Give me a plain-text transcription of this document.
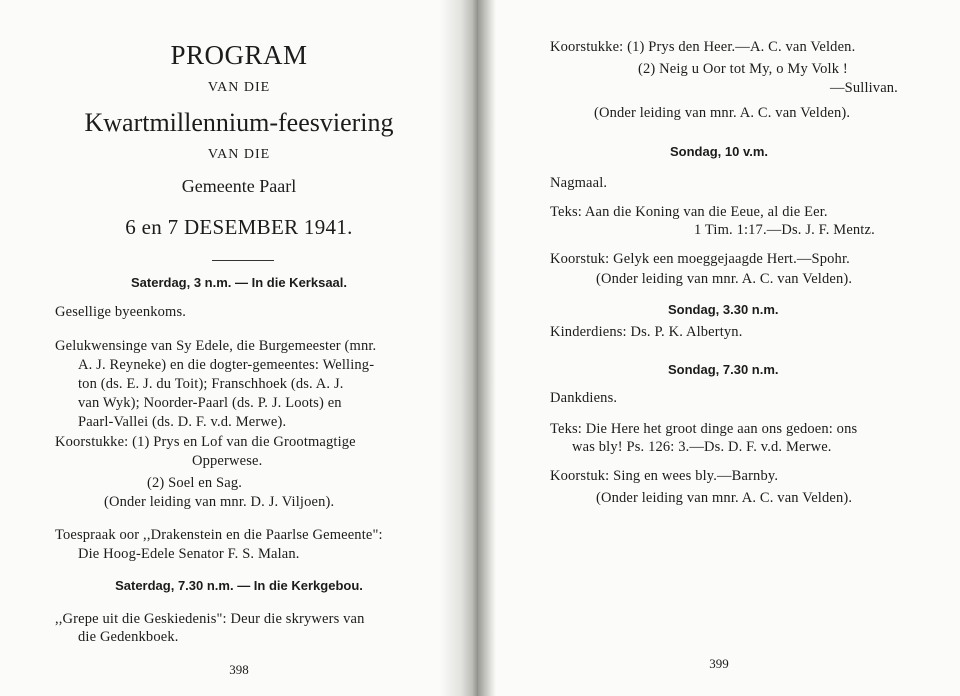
PROGRAM
VAN DIE
Kwartmillennium-feesviering
VAN DIE
Gemeente Paarl
6 en 7 DESEMBER 1941.
Saterdag, 3 n.m. — In die Kerksaal.
Gesellige byeenkoms.
Gelukwensinge van Sy Edele, die Burgemeester (mnr.
A. J. Reyneke) en die dogter-gemeentes: Welling-
ton (ds. E. J. du Toit); Franschhoek (ds. A. J.
van Wyk); Noorder-Paarl (ds. P. J. Loots) en
Paarl-Vallei (ds. D. F. v.d. Merwe).
Koorstukke: (1) Prys en Lof van die Grootmagtige
Opperwese.
(2) Soel en Sag.
(Onder leiding van mnr. D. J. Viljoen).
Toespraak oor ,,Drakenstein en die Paarlse Gemeente":
Die Hoog-Edele Senator F. S. Malan.
Saterdag, 7.30 n.m. — In die Kerkgebou.
,,Grepe uit die Geskiedenis": Deur die skrywers van
die Gedenkboek.
398
Koorstukke: (1) Prys den Heer.—A. C. van Velden.
(2) Neig u Oor tot My, o My Volk !
—Sullivan.
(Onder leiding van mnr. A. C. van Velden).
Sondag, 10 v.m.
Nagmaal.
Teks: Aan die Koning van die Eeue, al die Eer.
1 Tim. 1:17.—Ds. J. F. Mentz.
Koorstuk: Gelyk een moeggejaagde Hert.—Spohr.
(Onder leiding van mnr. A. C. van Velden).
Sondag, 3.30 n.m.
Kinderdiens: Ds. P. K. Albertyn.
Sondag, 7.30 n.m.
Dankdiens.
Teks: Die Here het groot dinge aan ons gedoen: ons
was bly! Ps. 126: 3.—Ds. D. F. v.d. Merwe.
Koorstuk: Sing en wees bly.—Barnby.
(Onder leiding van mnr. A. C. van Velden).
399
